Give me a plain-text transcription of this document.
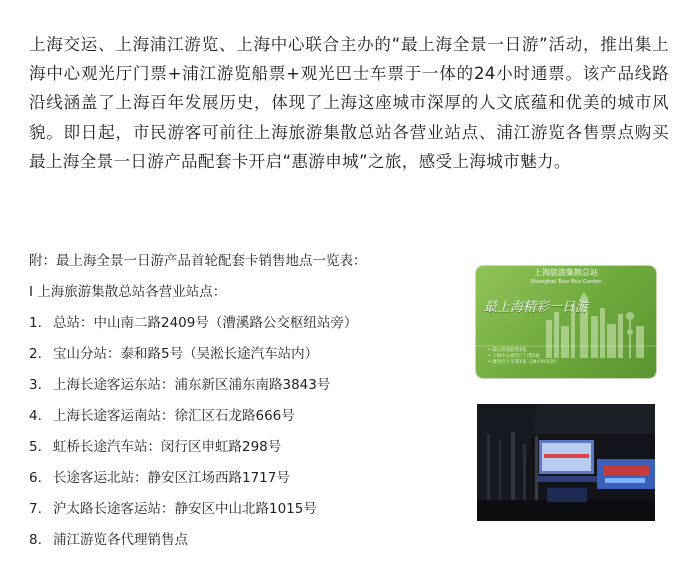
上海交运、上海浦江游览、上海中心联合主办的“最上海全景一日游”活动，推出集上海中心观光厅门票+浦江游览船票+观光巴士车票于一体的24小时通票。该产品线路沿线涵盖了上海百年发展历史，体现了上海这座城市深厚的人文底蕴和优美的城市风貌。即日起，市民游客可前往上海旅游集散总站各营业站点、浦江游览各售票点购买最上海全景一日游产品配套卡开启“惠游申城”之旅，感受上海城市魅力。

附：最上海全景一日游产品首轮配套卡销售地点一览表：
I 上海旅游集散总站各营业站点：
1. 总站：中山南二路2409号（漕溪路公交枢纽站旁）
2. 宝山分站：泰和路5号（吴淞长途汽车站内）
3. 上海长途客运东站：浦东新区浦东南路3843号
4. 上海长途客运南站：徐汇区石龙路666号
5. 虹桥长途汽车站：闵行区申虹路298号
6. 长途客运北站：静安区江场西路1717号
7. 沪太路长途客运站：静安区中山北路1015号
8. 浦江游览各代理销售点
上海旅游集散总站
Shanghai Tour Bus Center
最上海精彩一日游
• 浦江游览船票1张
• 上海中心观光厅门票1张
• 观光巴士车票1张（24小时有效）
